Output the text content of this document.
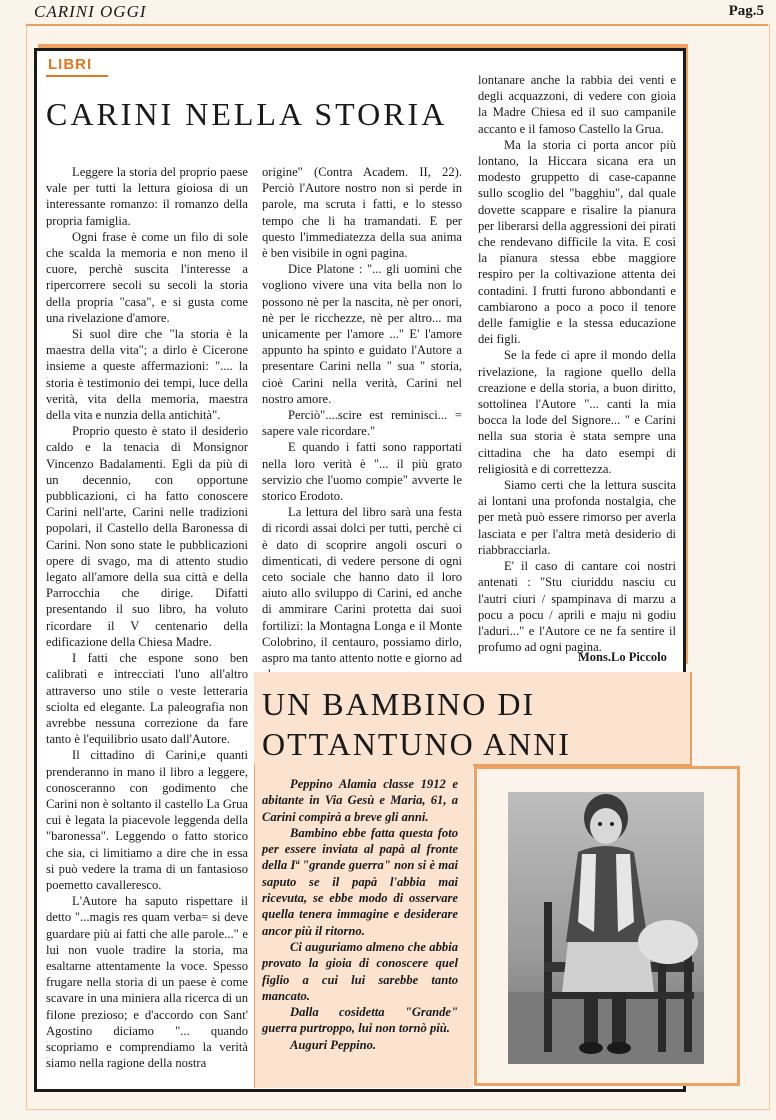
CARINI OGGI	Pag.5
LIBRI
CARINI NELLA STORIA

Leggere la storia del proprio paese vale per tutti la lettura gioiosa di un interessante romanzo: il romanzo della propria famiglia.

Ogni frase è come un filo di sole che scalda la memoria e non meno il cuore, perchè suscita l'interesse a ripercorrere secoli su secoli la storia della propria "casa", e si gusta come una rivelazione d'amore.

Si suol dire che "la storia è la maestra della vita"; a dirlo è Cicerone insieme a queste affermazioni: ".... la storia è testimonio dei tempi, luce della verità, vita della memoria, maestra della vita e nunzia della antichità".

Proprio questo è stato il desiderio caldo e la tenacia di Monsignor Vincenzo Badalamenti. Egli da più di un decennio, con opportune pubblicazioni, ci ha fatto conoscere Carini nell'arte, Carini nelle tradizioni popolari, il Castello della Baronessa di Carini. Non sono state le pubblicazioni opere di svago, ma di attento studio legato all'amore della sua città e della Parrocchia che dirige. Difatti presentando il suo libro, ha voluto ricordare il V centenario della edificazione della Chiesa Madre.

I fatti che espone sono ben calibrati e intrecciati l'uno all'altro attraverso uno stile o veste letteraria sciolta ed elegante. La paleografia non avrebbe nessuna correzione da fare tanto è l'equilibrio usato dall'Autore.

Il cittadino di Carini,e quanti prenderanno in mano il libro a leggere, conosceranno con godimento che Carini non è soltanto il castello La Grua cui è legata la piacevole leggenda della "baronessa". Leggendo o fatto storico che sia, ci limitiamo a dire che in essa si può vedere la trama di un fantasioso poemetto cavalleresco.

L'Autore ha saputo rispettare il detto "...magis res quam verba= si deve guardare più ai fatti che alle parole..." e lui non vuole tradire la storia, ma esaltarne attentamente la voce. Spesso frugare nella storia di un paese è come scavare in una miniera alla ricerca di un filone prezioso; e d'accordo con Sant' Agostino diciamo "... quando scopriamo e comprendiamo la verità siamo nella ragione della nostra

origine" (Contra Academ. II, 22). Perciò l'Autore nostro non si perde in parole, ma scruta i fatti, e lo stesso tempo che li ha tramandati. E per questo l'immediatezza della sua anima è ben visibile in ogni pagina.

Dice Platone : "... gli uomini che vogliono vivere una vita bella non lo possono nè per la nascita, nè per onori, nè per le ricchezze, nè per altro... ma unicamente per l'amore ..." E' l'amore appunto ha spinto e guidato l'Autore a presentare Carini nella " sua " storia, cioè Carini nella verità, Carini nel nostro amore.

Perciò"....scire est reminisci... = sapere vale ricordare."

E quando i fatti sono rapportati nella loro verità è "... il più grato servizio che l'uomo compie" avverte le storico Erodoto.

La lettura del libro sarà una festa di ricordi assai dolci per tutti, perchè ci è dato di scoprire angoli oscuri o dimenticati, di vedere persone di ogni ceto sociale che hanno dato il loro aiuto allo sviluppo di Carini, ed anche di ammirare Carini protetta dai suoi fortilizi: la Montagna Longa e il Monte Colobrino, il centauro, possiamo dirlo, aspro ma tanto attento notte e giorno ad

lontanare anche la rabbia dei venti e degli acquazzoni, di vedere con gioia la Madre Chiesa ed il suo campanile accanto e il famoso Castello la Grua.

Ma la storia ci porta ancor più lontano, la Hiccara sicana era un modesto gruppetto di case-capanne sullo scoglio del "bagghiu", dal quale dovette scappare e risalire la pianura per liberarsi della aggressioni dei pirati che rendevano difficile la vita. E così la pianura stessa ebbe maggiore respiro per la coltivazione attenta dei contadini. I frutti furono abbondanti e cambiarono a poco a poco il tenore delle famiglie e la stessa educazione dei figli.

Se la fede ci apre il mondo della rivelazione, la ragione quello della creazione e della storia, a buon diritto, sottolinea l'Autore "... canti la mia bocca la lode del Signore... " e Carini nella sua storia è stata sempre una cittadina che ha dato esempi di religiosità e di correttezza.

Siamo certi che la lettura suscita ai lontani una profonda nostalgia, che per metà può essere rimorso per averla lasciata e per l'altra metà desiderio di riabbracciarla.

E' il caso di cantare coi nostri antenati : "Stu ciuriddu nasciu cu l'autri ciuri / spampinava di marzu a pocu a pocu / aprili e maju ni godiu l'aduri..." e l'Autore ce ne fa sentire il profumo ad ogni pagina.

Mons.Lo Piccolo
UN BAMBINO DI
OTTANTUNO ANNI

Peppino Alamia classe 1912 e abitante in Via Gesù e Maria, 61, a Carini compirà a breve gli anni.

Bambino ebbe fatta questa foto per essere inviata al papà al fronte della Iª "grande guerra" non si è mai saputo se il papà l'abbia mai ricevuta, se ebbe modo di osservare quella tenera immagine e desiderare ancor più il ritorno.

Ci auguriamo almeno che abbia provato la gioia di conoscere quel figlio a cui lui sarebbe tanto mancato.

Dalla cosidetta "Grande" guerra purtroppo, lui non tornò più.

Auguri Peppino.
